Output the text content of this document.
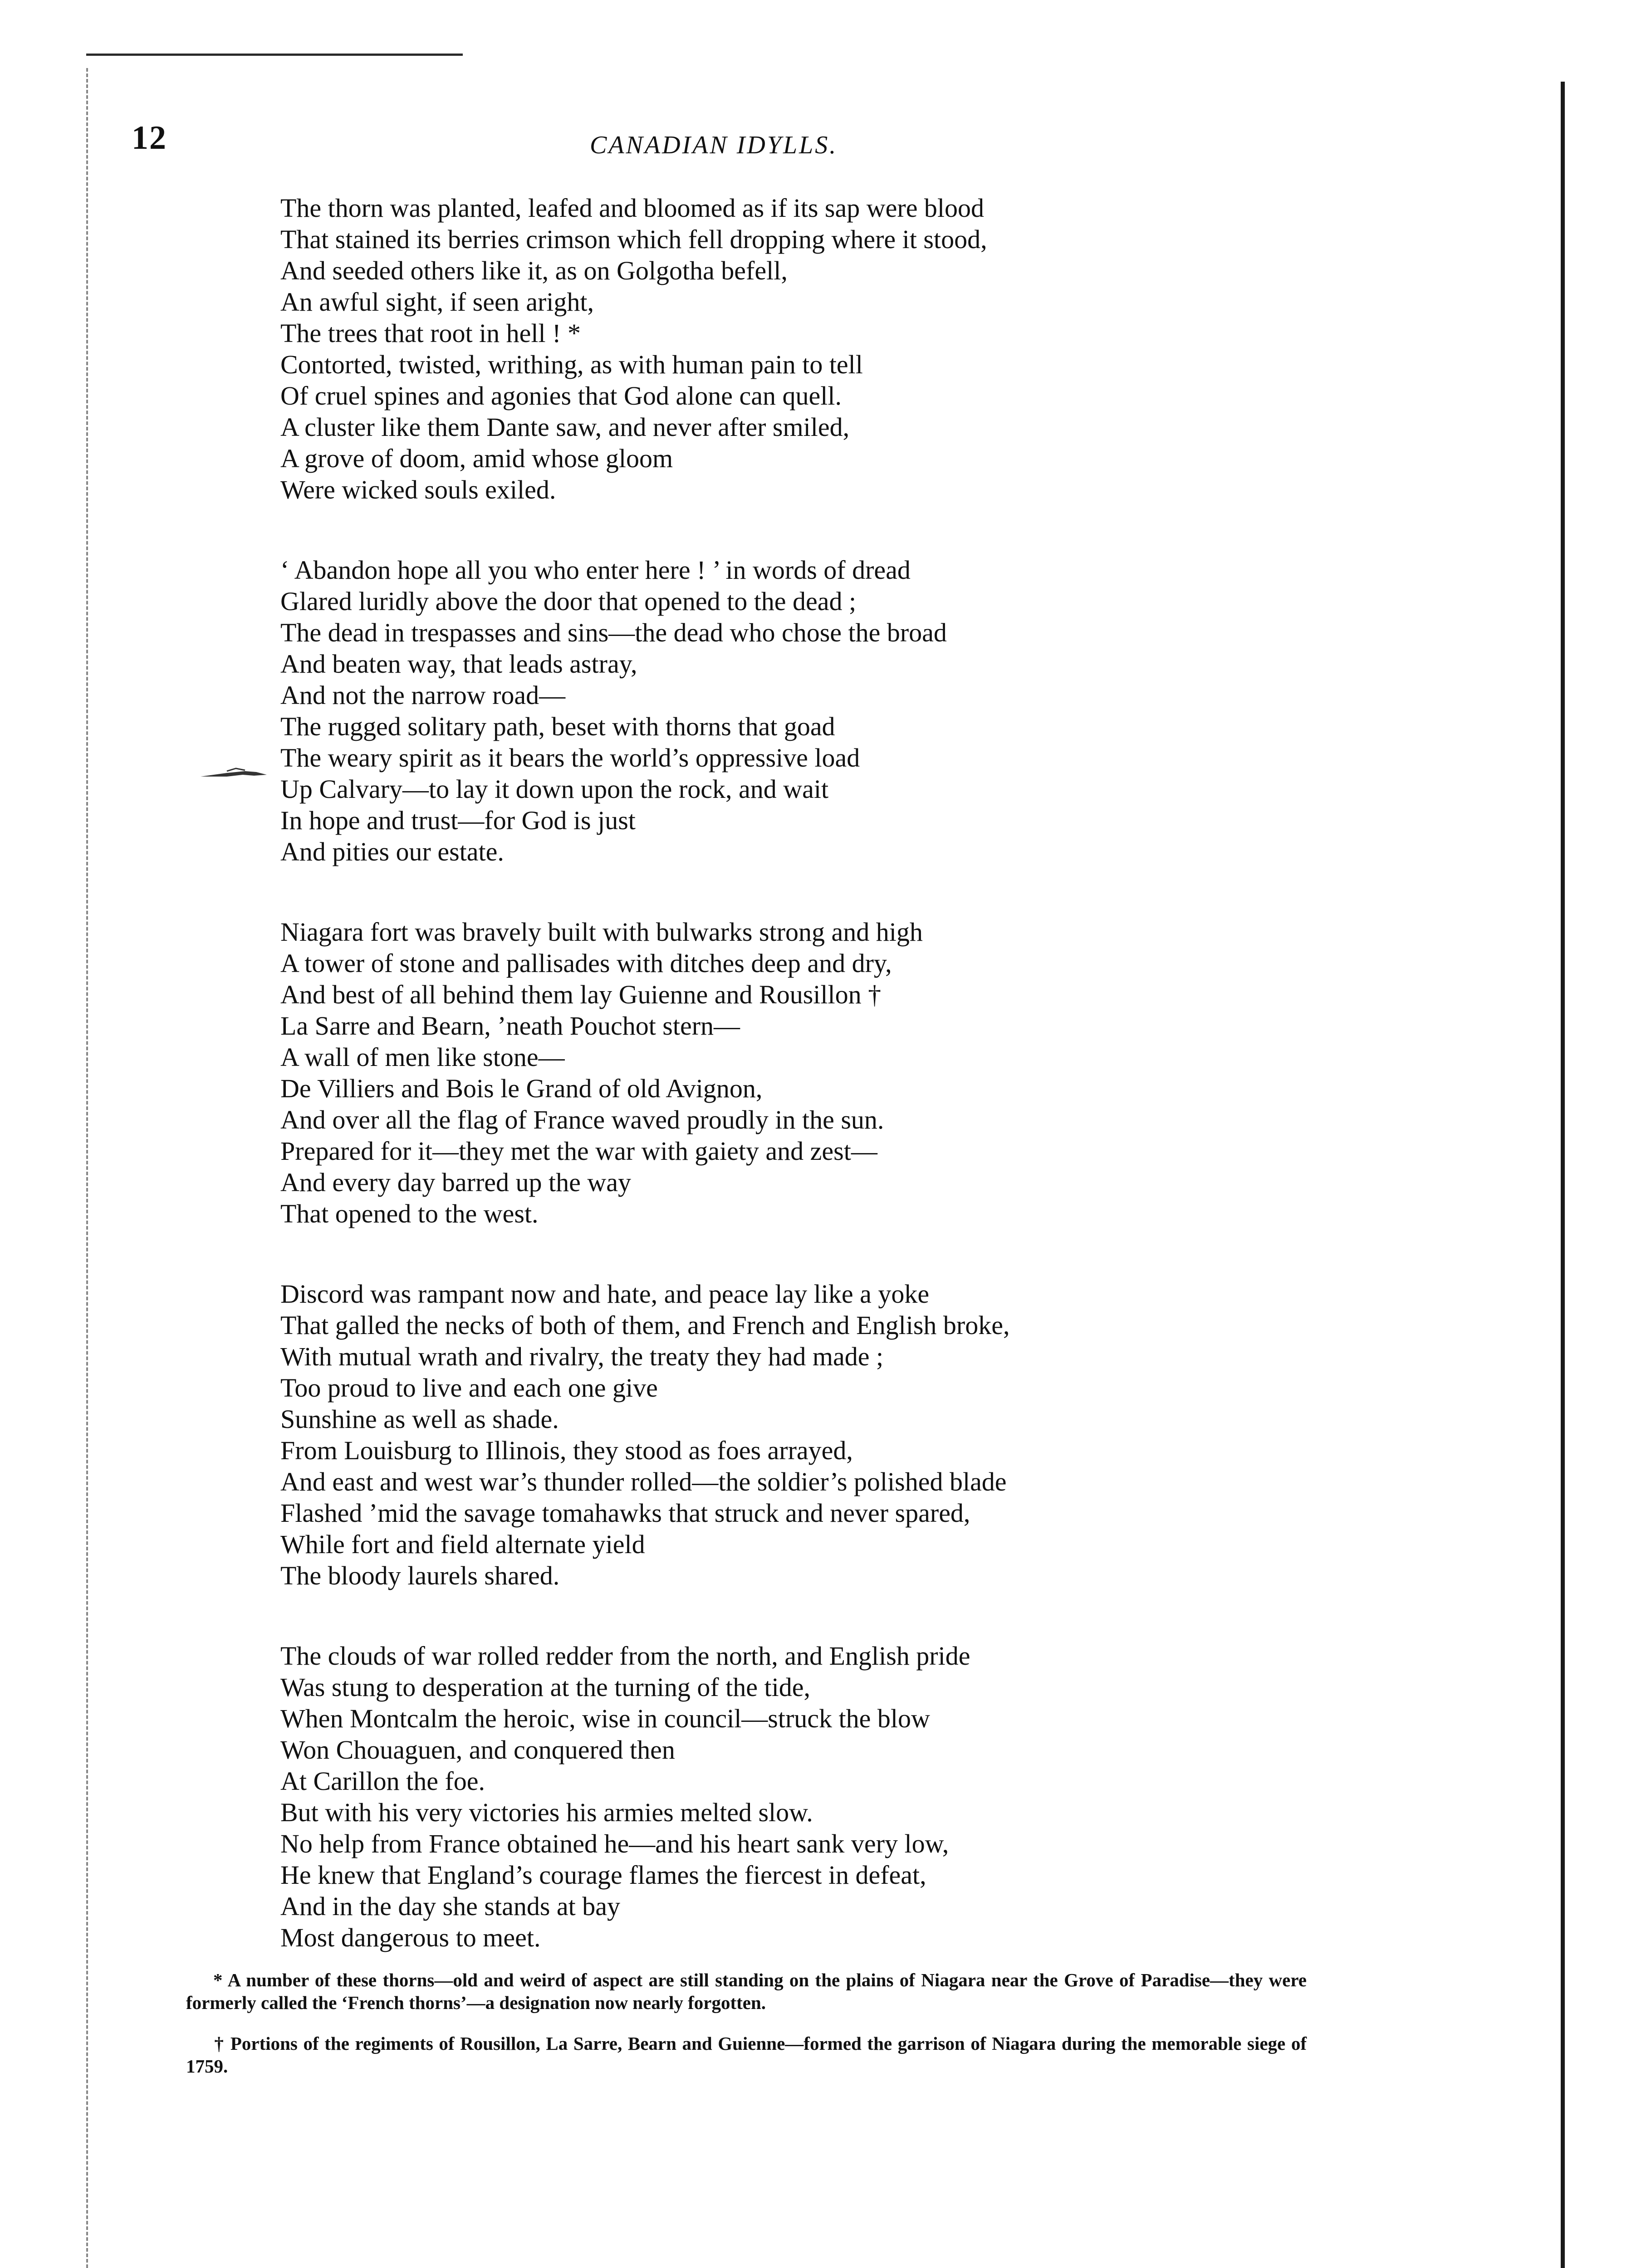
12	CANADIAN IDYLLS.
The thorn was planted, leafed and bloomed as if its sap were blood
That stained its berries crimson which fell dropping where it stood,
And seeded others like it, as on Golgotha befell,
An awful sight, if seen aright,
The trees that root in hell ! *
Contorted, twisted, writhing, as with human pain to tell
Of cruel spines and agonies that God alone can quell.
A cluster like them Dante saw, and never after smiled,
A grove of doom, amid whose gloom
Were wicked souls exiled.
‘ Abandon hope all you who enter here ! ’ in words of dread
Glared luridly above the door that opened to the dead ;
The dead in trespasses and sins—the dead who chose the broad
And beaten way, that leads astray,
And not the narrow road—
The rugged solitary path, beset with thorns that goad
The weary spirit as it bears the world’s oppressive load
Up Calvary—to lay it down upon the rock, and wait
In hope and trust—for God is just
And pities our estate.
Niagara fort was bravely built with bulwarks strong and high
A tower of stone and pallisades with ditches deep and dry,
And best of all behind them lay Guienne and Rousillon †
La Sarre and Bearn, ’neath Pouchot stern—
A wall of men like stone—
De Villiers and Bois le Grand of old Avignon,
And over all the flag of France waved proudly in the sun.
Prepared for it—they met the war with gaiety and zest—
And every day barred up the way
That opened to the west.
Discord was rampant now and hate, and peace lay like a yoke
That galled the necks of both of them, and French and English broke,
With mutual wrath and rivalry, the treaty they had made ;
Too proud to live and each one give
Sunshine as well as shade.
From Louisburg to Illinois, they stood as foes arrayed,
And east and west war’s thunder rolled—the soldier’s polished blade
Flashed ’mid the savage tomahawks that struck and never spared,
While fort and field alternate yield
The bloody laurels shared.
The clouds of war rolled redder from the north, and English pride
Was stung to desperation at the turning of the tide,
When Montcalm the heroic, wise in council—struck the blow
Won Chouaguen, and conquered then
At Carillon the foe.
But with his very victories his armies melted slow.
No help from France obtained he—and his heart sank very low,
He knew that England’s courage flames the fiercest in defeat,
And in the day she stands at bay
Most dangerous to meet.
* A number of these thorns—old and weird of aspect are still standing on the plains of Niagara near the Grove of Paradise—they were formerly called the ‘French thorns’—a designation now nearly forgotten.
† Portions of the regiments of Rousillon, La Sarre, Bearn and Guienne—formed the garrison of Niagara during the memorable siege of 1759.
